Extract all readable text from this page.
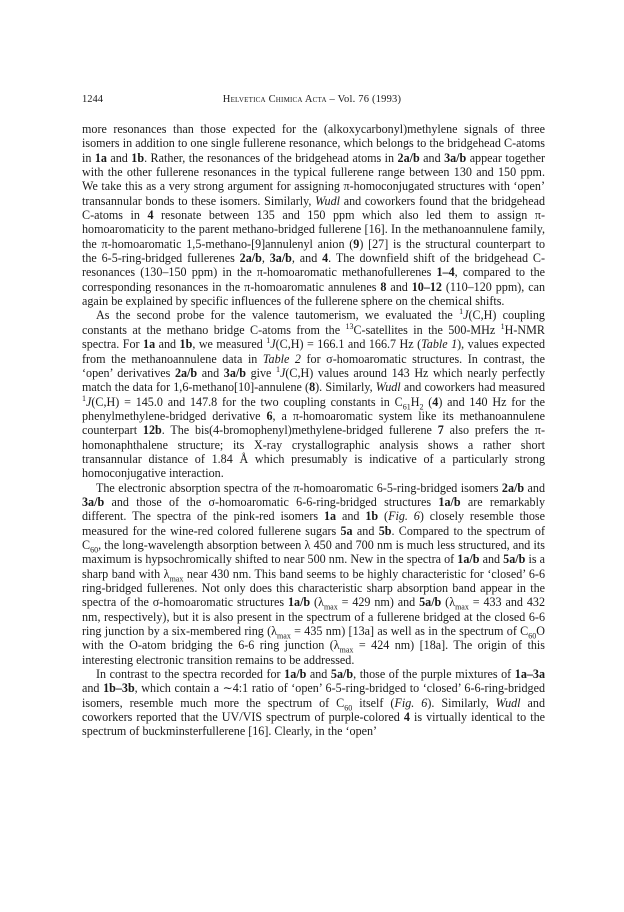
1244	Helvetica Chimica Acta – Vol. 76 (1993)

more resonances than those expected for the (alkoxycarbonyl)methylene signals of three isomers in addition to one single fullerene resonance, which belongs to the bridgehead C-atoms in 1a and 1b. Rather, the resonances of the bridgehead atoms in 2a/b and 3a/b appear together with the other fullerene resonances in the typical fullerene range between 130 and 150 ppm. We take this as a very strong argument for assigning π-homoconjugated structures with ‘open’ transannular bonds to these isomers. Similarly, Wudl and coworkers found that the bridgehead C-atoms in 4 resonate between 135 and 150 ppm which also led them to assign π-homoaromaticity to the parent methano-bridged fullerene [16]. In the methanoannulene family, the π-homoaromatic 1,5-methano-[9]annulenyl anion (9) [27] is the structural counterpart to the 6-5-ring-bridged fullerenes 2a/b, 3a/b, and 4. The downfield shift of the bridgehead C-resonances (130–150 ppm) in the π-homoaromatic methanofullerenes 1–4, compared to the corresponding resonances in the π-homoaromatic annulenes 8 and 10–12 (110–120 ppm), can again be explained by specific influences of the fullerene sphere on the chemical shifts.

As the second probe for the valence tautomerism, we evaluated the $^1$J(C,H) coupling constants at the methano bridge C-atoms from the $^{13}$C-satellites in the 500-MHz $^1$H-NMR spectra. For 1a and 1b, we measured $^1$J(C,H) = 166.1 and 166.7 Hz (Table 1), values expected from the methanoannulene data in Table 2 for σ-homoaromatic structures. In contrast, the ‘open’ derivatives 2a/b and 3a/b give $^1$J(C,H) values around 143 Hz which nearly perfectly match the data for 1,6-methano[10]-annulene (8). Similarly, Wudl and coworkers had measured $^1$J(C,H) = 145.0 and 147.8 for the two coupling constants in $C_{61}H_2$ (4) and 140 Hz for the phenylmethylene-bridged derivative 6, a π-homoaromatic system like its methanoannulene counterpart 12b. The bis(4-bromophenyl)methylene-bridged fullerene 7 also prefers the π-homonaphthalene structure; its X-ray crystallographic analysis shows a rather short transannular distance of 1.84 Å which presumably is indicative of a particularly strong homoconjugative interaction.

The electronic absorption spectra of the π-homoaromatic 6-5-ring-bridged isomers 2a/b and 3a/b and those of the σ-homoaromatic 6-6-ring-bridged structures 1a/b are remarkably different. The spectra of the pink-red isomers 1a and 1b (Fig. 6) closely resemble those measured for the wine-red colored fullerene sugars 5a and 5b. Compared to the spectrum of $C_{60}$, the long-wavelength absorption between λ 450 and 700 nm is much less structured, and its maximum is hypsochromically shifted to near 500 nm. New in the spectra of 1a/b and 5a/b is a sharp band with $\lambda_{max}$ near 430 nm. This band seems to be highly characteristic for ‘closed’ 6-6 ring-bridged fullerenes. Not only does this characteristic sharp absorption band appear in the spectra of the σ-homoaromatic structures 1a/b ($\lambda_{max} = 429$ nm) and 5a/b ($\lambda_{max} = 433$ and 432 nm, respectively), but it is also present in the spectrum of a fullerene bridged at the closed 6-6 ring junction by a six-membered ring ($\lambda_{max} = 435$ nm) [13a] as well as in the spectrum of $C_{60}O$ with the O-atom bridging the 6-6 ring junction ($\lambda_{max} = 424$ nm) [18a]. The origin of this interesting electronic transition remains to be addressed.

In contrast to the spectra recorded for 1a/b and 5a/b, those of the purple mixtures of 1a–3a and 1b–3b, which contain a ∼4:1 ratio of ‘open’ 6-5-ring-bridged to ‘closed’ 6-6-ring-bridged isomers, resemble much more the spectrum of $C_{60}$ itself (Fig. 6). Similarly, Wudl and coworkers reported that the UV/VIS spectrum of purple-colored 4 is virtually identical to the spectrum of buckminsterfullerene [16]. Clearly, in the ‘open’
